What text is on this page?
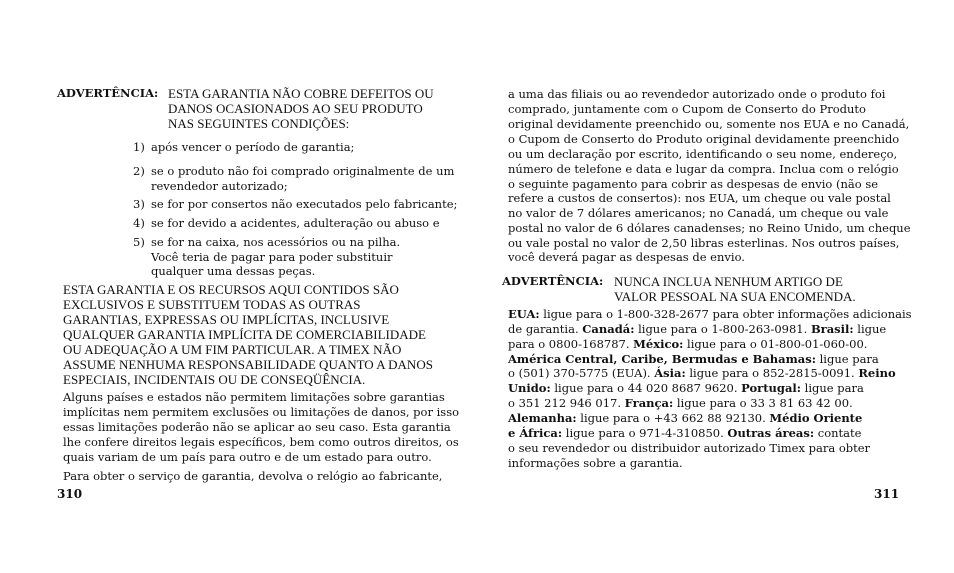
ADVERTÊNCIA: ESTA GARANTIA NÃO COBRE DEFEITOS OU
DANOS OCASIONADOS AO SEU PRODUTO
NAS SEGUINTES CONDIÇÕES:
1) após vencer o período de garantia;
2) se o produto não foi comprado originalmente de um
revendedor autorizado;
3) se for por consertos não executados pelo fabricante;
4) se for devido a acidentes, adulteração ou abuso e
5) se for na caixa, nos acessórios ou na pilha.
Você teria de pagar para poder substituir
qualquer uma dessas peças.
ESTA GARANTIA E OS RECURSOS AQUI CONTIDOS SÃO
EXCLUSIVOS E SUBSTITUEM TODAS AS OUTRAS
GARANTIAS, EXPRESSAS OU IMPLÍCITAS, INCLUSIVE
QUALQUER GARANTIA IMPLÍCITA DE COMERCIABILIDADE
OU ADEQUAÇÃO A UM FIM PARTICULAR. A TIMEX NÃO
ASSUME NENHUMA RESPONSABILIDADE QUANTO A DANOS
ESPECIAIS, INCIDENTAIS OU DE CONSEQÜÊNCIA.
Alguns países e estados não permitem limitações sobre garantias
implícitas nem permitem exclusões ou limitações de danos, por isso
essas limitações poderão não se aplicar ao seu caso. Esta garantia
lhe confere direitos legais específicos, bem como outros direitos, os
quais variam de um país para outro e de um estado para outro.
Para obter o serviço de garantia, devolva o relógio ao fabricante,
310
a uma das filiais ou ao revendedor autorizado onde o produto foi
comprado, juntamente com o Cupom de Conserto do Produto
original devidamente preenchido ou, somente nos EUA e no Canadá,
o Cupom de Conserto do Produto original devidamente preenchido
ou um declaração por escrito, identificando o seu nome, endereço,
número de telefone e data e lugar da compra. Inclua com o relógio
o seguinte pagamento para cobrir as despesas de envio (não se
refere a custos de consertos): nos EUA, um cheque ou vale postal
no valor de 7 dólares americanos; no Canadá, um cheque ou vale
postal no valor de 6 dólares canadenses; no Reino Unido, um cheque
ou vale postal no valor de 2,50 libras esterlinas. Nos outros países,
você deverá pagar as despesas de envio.
ADVERTÊNCIA: NUNCA INCLUA NENHUM ARTIGO DE
VALOR PESSOAL NA SUA ENCOMENDA.
EUA: ligue para o 1-800-328-2677 para obter informações adicionais
de garantia. Canadá: ligue para o 1-800-263-0981. Brasil: ligue
para o 0800-168787. México: ligue para o 01-800-01-060-00.
América Central, Caribe, Bermudas e Bahamas: ligue para
o (501) 370-5775 (EUA). Ásia: ligue para o 852-2815-0091. Reino
Unido: ligue para o 44 020 8687 9620. Portugal: ligue para
o 351 212 946 017. França: ligue para o 33 3 81 63 42 00.
Alemanha: ligue para o +43 662 88 92130. Médio Oriente
e África: ligue para o 971-4-310850. Outras áreas: contate
o seu revendedor ou distribuidor autorizado Timex para obter
informações sobre a garantia.
311
